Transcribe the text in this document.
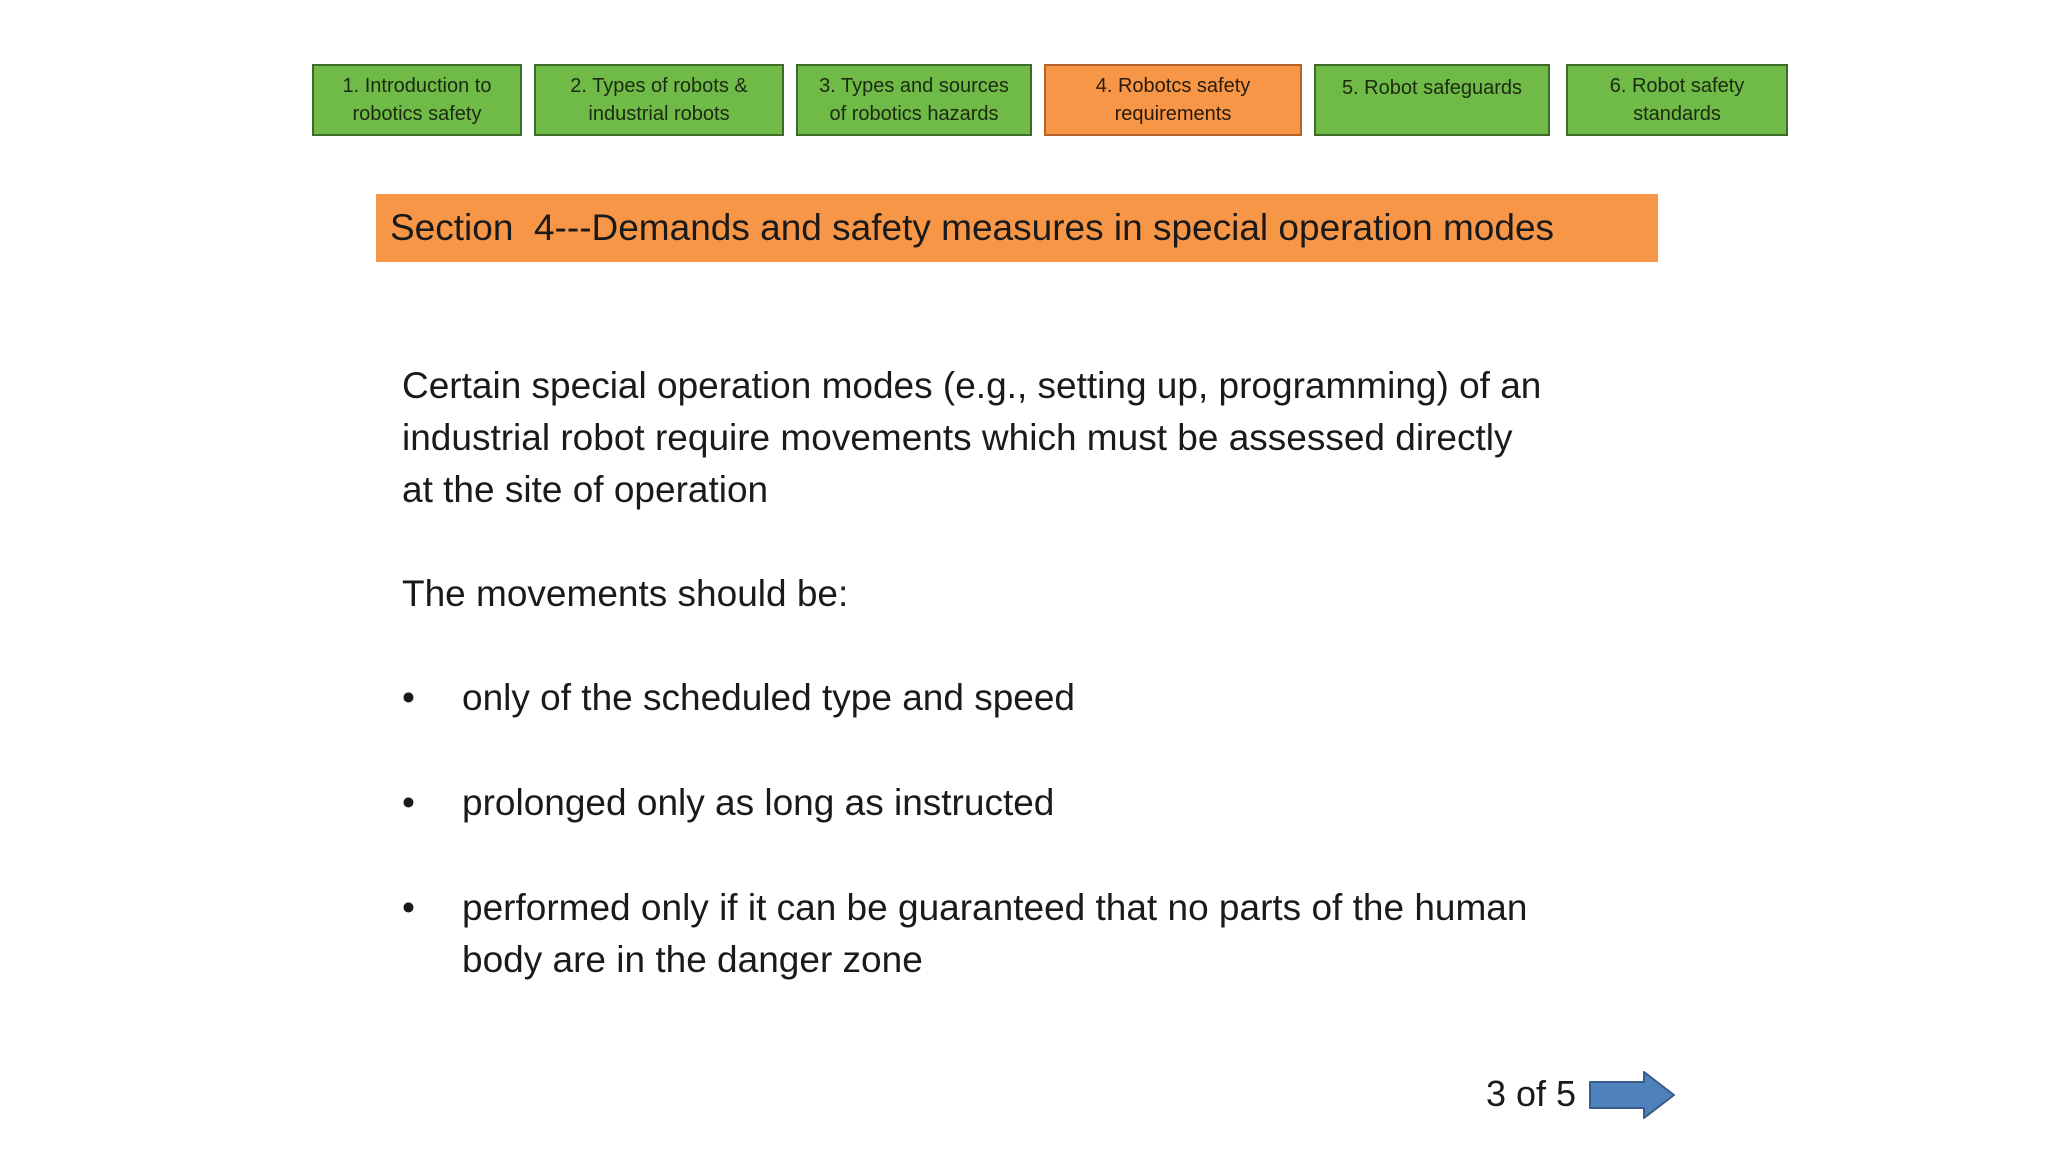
1. Introduction to
robotics safety
2. Types of robots &
industrial robots
3. Types and sources
of robotics hazards
4. Robotcs safety
requirements
5. Robot safeguards	6. Robot safety
standards
Section  4---Demands and safety measures in special operation modes
Certain special operation modes (e.g., setting up, programming) of an
industrial robot require movements which must be assessed directly
at the site of operation
The movements should be:
• only of the scheduled type and speed
• prolonged only as long as instructed
• performed only if it can be guaranteed that no parts of the human
body are in the danger zone
3 of 5
